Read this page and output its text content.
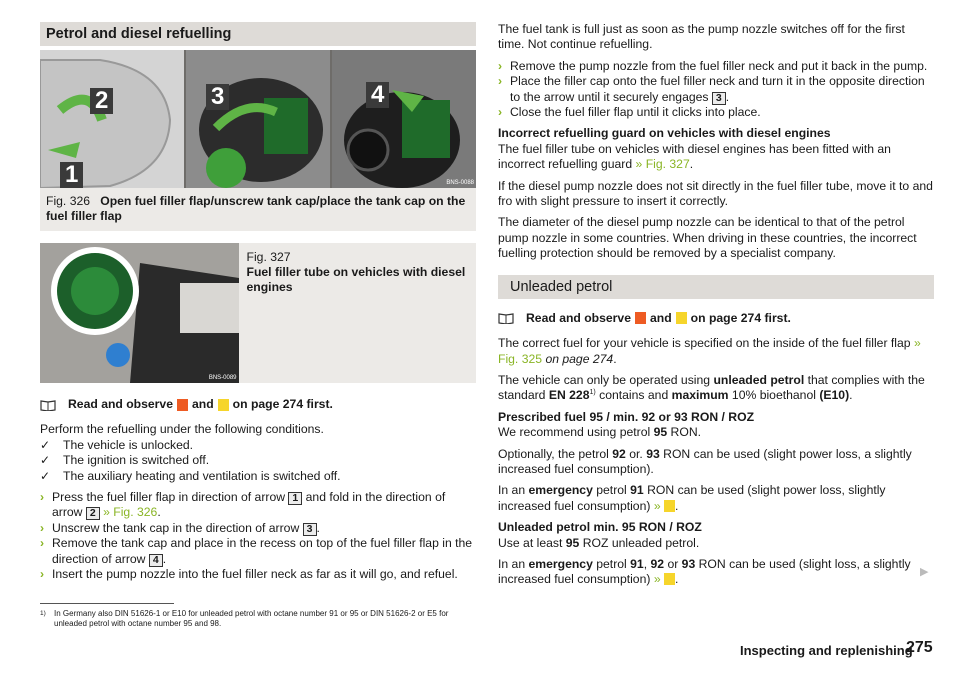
Petrol and diesel refuelling
2
1
3	4
BNS-0088
Fig. 326 Open fuel filler flap/unscrew tank cap/place the tank cap on the fuel filler flap
BNS-0089
Fig. 327
Fuel filler tube on vehicles with diesel engines
Read and observe and on page 274 first.

Perform the refuelling under the following conditions.

✓	The vehicle is unlocked.
✓	The ignition is switched off.
✓	The auxiliary heating and ventilation is switched off.
› Press the fuel filler flap in direction of arrow 1 and fold in the direction of arrow 2 » Fig. 326.
› Unscrew the tank cap in the direction of arrow 3 .
› Remove the tank cap and place in the recess on top of the fuel filler flap in the direction of arrow 4 .
› Insert the pump nozzle into the fuel filler neck as far as it will go, and refuel.

The fuel tank is full just as soon as the pump nozzle switches off for the first time. Not continue refuelling.

› Remove the pump nozzle from the fuel filler neck and put it back in the pump.
› Place the filler cap onto the fuel filler neck and turn it in the opposite direction to the arrow until it securely engages 3 .
› Close the fuel filler flap until it clicks into place.

Incorrect refuelling guard on vehicles with diesel engines

The fuel filler tube on vehicles with diesel engines has been fitted with an incorrect refuelling guard » Fig. 327.

If the diesel pump nozzle does not sit directly in the fuel filler tube, move it to and fro with slight pressure to insert it correctly.

The diameter of the diesel pump nozzle can be identical to that of the petrol pump nozzle in some countries. When driving in these countries, the incorrect fuelling protection should be removed by a specialist company.

Unleaded petrol
Read and observe and on page 274 first.

The correct fuel for your vehicle is specified on the inside of the fuel filler flap » Fig. 325 on page 274.

The vehicle can only be operated using unleaded petrol that complies with the standard EN 228$^{1)}$ contains and maximum 10% bioethanol (E10).

Prescribed fuel 95 / min. 92 or 93 RON / ROZ

We recommend using petrol 95 RON.

Optionally, the petrol 92 or. 93 RON can be used (slight power loss, a slightly increased fuel consumption).

In an emergency petrol 91 RON can be used (slight power loss, slightly increased fuel consumption) » .

Unleaded petrol min. 95 RON / ROZ

Use at least 95 ROZ unleaded petrol.

In an emergency petrol 91, 92 or 93 RON can be used (slight loss, a slightly increased fuel consumption) » .

▶
1) In Germany also DIN 51626-1 or E10 for unleaded petrol with octane number 91 or 95 or DIN 51626-2 or E5 for unleaded petrol with octane number 95 and 98.
Inspecting and replenishing
275
